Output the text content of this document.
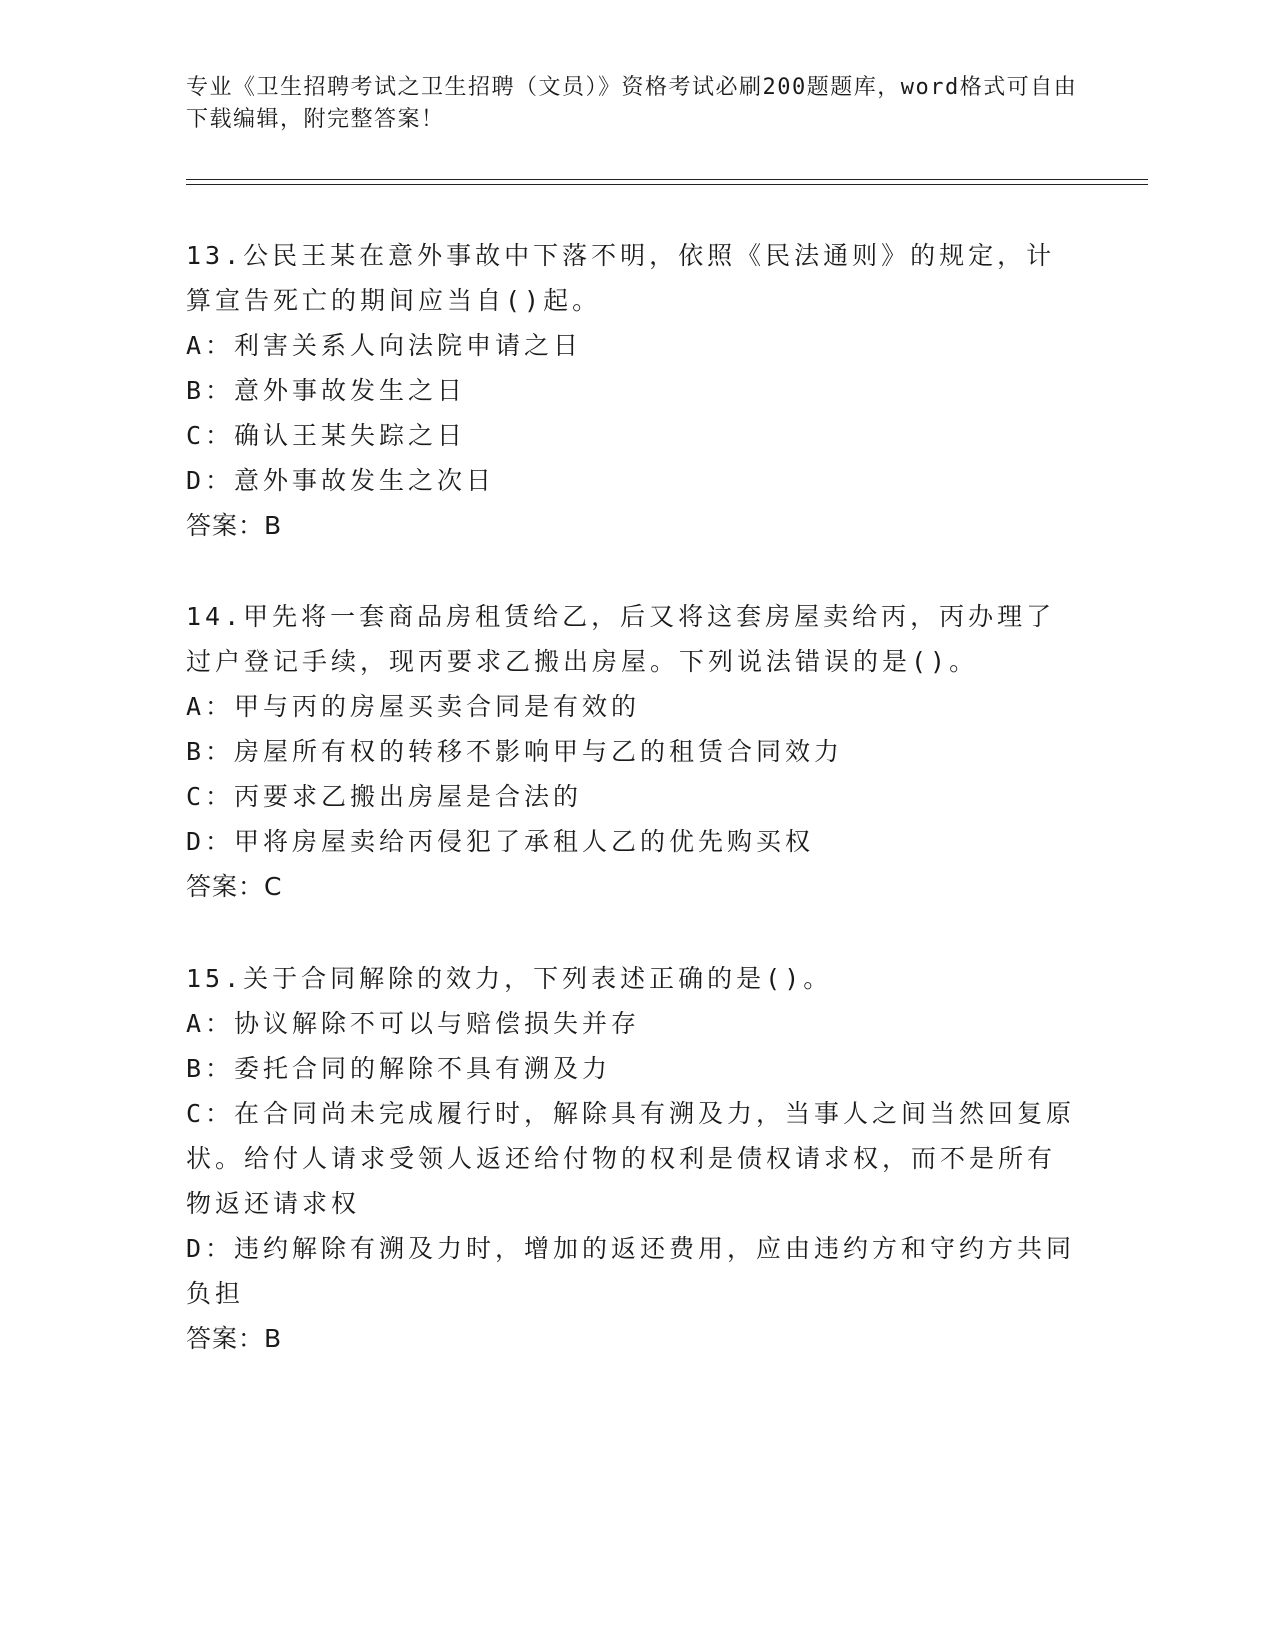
专业《卫生招聘考试之卫生招聘（文员）》资格考试必刷200题题库，word格式可自由下载编辑，附完整答案！

13.公民王某在意外事故中下落不明，依照《民法通则》的规定，计算宣告死亡的期间应当自()起。

A：利害关系人向法院申请之日

B：意外事故发生之日

C：确认王某失踪之日

D：意外事故发生之次日

答案：B

14.甲先将一套商品房租赁给乙，后又将这套房屋卖给丙，丙办理了过户登记手续，现丙要求乙搬出房屋。下列说法错误的是()。

A：甲与丙的房屋买卖合同是有效的

B：房屋所有权的转移不影响甲与乙的租赁合同效力

C：丙要求乙搬出房屋是合法的

D：甲将房屋卖给丙侵犯了承租人乙的优先购买权

答案：C

15.关于合同解除的效力，下列表述正确的是()。

A：协议解除不可以与赔偿损失并存

B：委托合同的解除不具有溯及力

C：在合同尚未完成履行时，解除具有溯及力，当事人之间当然回复原状。给付人请求受领人返还给付物的权利是债权请求权，而不是所有物返还请求权

D：违约解除有溯及力时，增加的返还费用，应由违约方和守约方共同负担

答案：B
